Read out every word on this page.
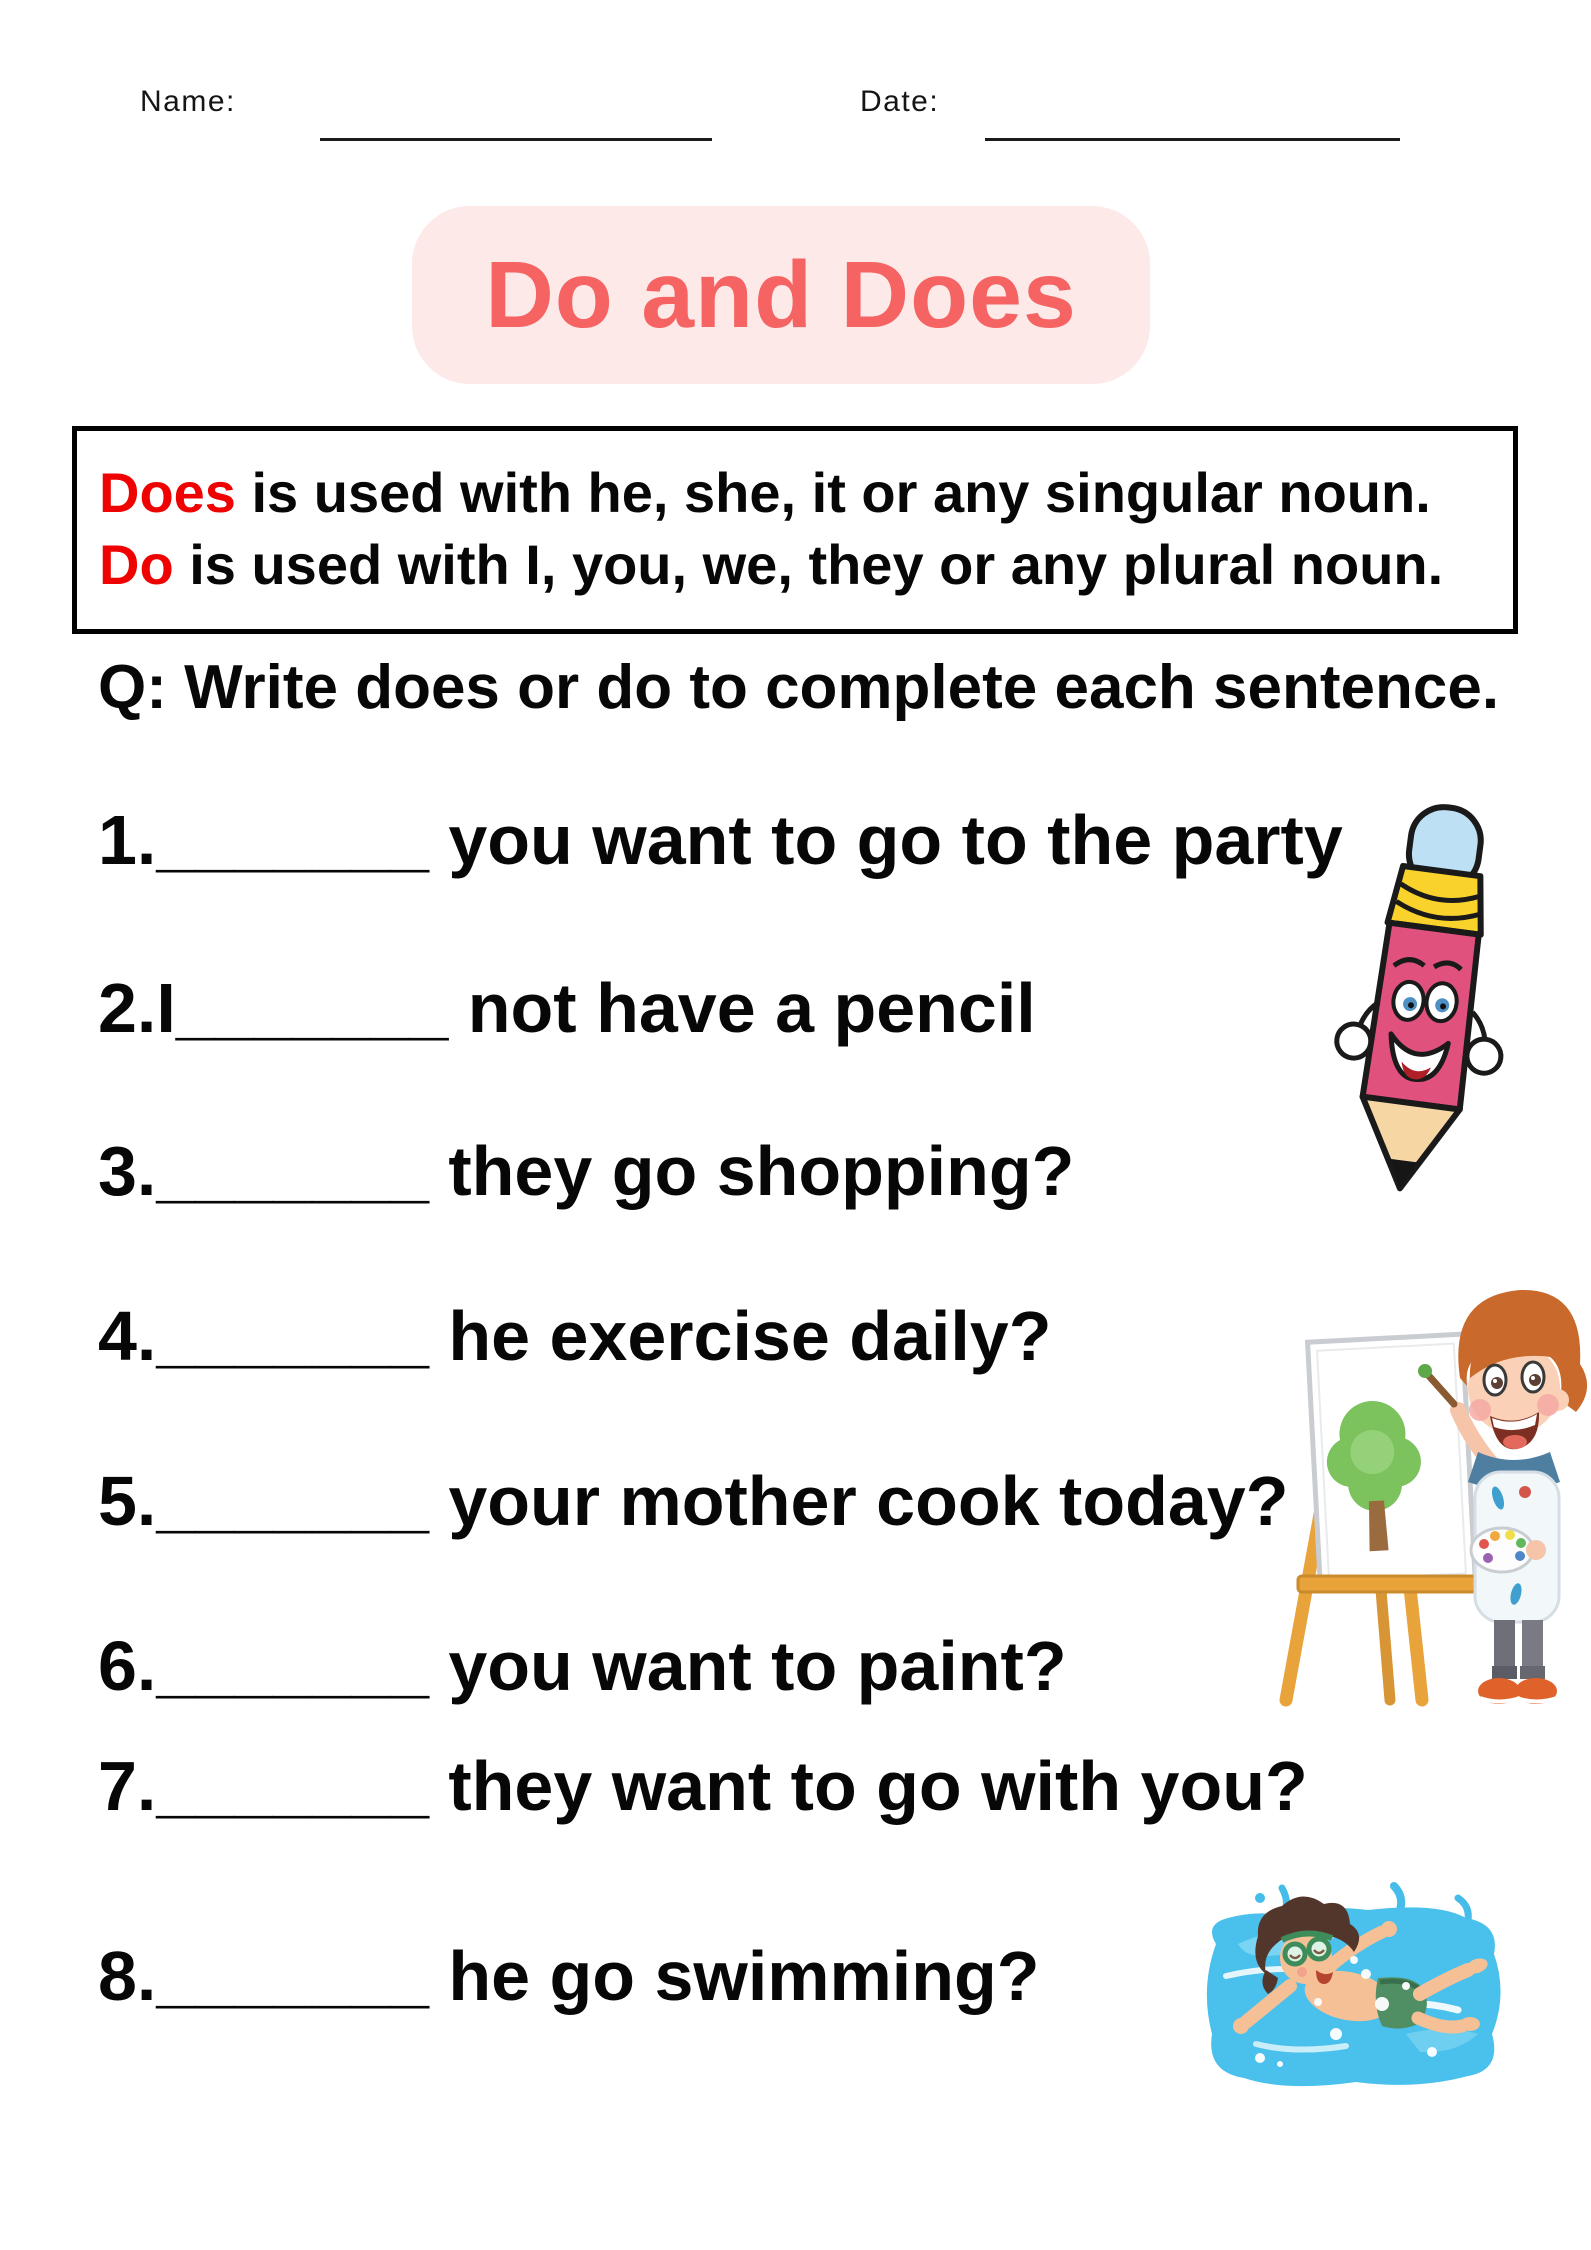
Name:	Date:
Do and Does
Does is used with he, she, it or any singular noun.
Do is used with I, you, we, they or any plural noun.
Q: Write does or do to complete each sentence.
1._______ you want to go to the party
2.I_______ not have a pencil
3._______ they go shopping?
4._______ he exercise daily?
5._______ your mother cook today?
6._______ you want to paint?
7._______ they want to go with you?
8._______ he go swimming?
